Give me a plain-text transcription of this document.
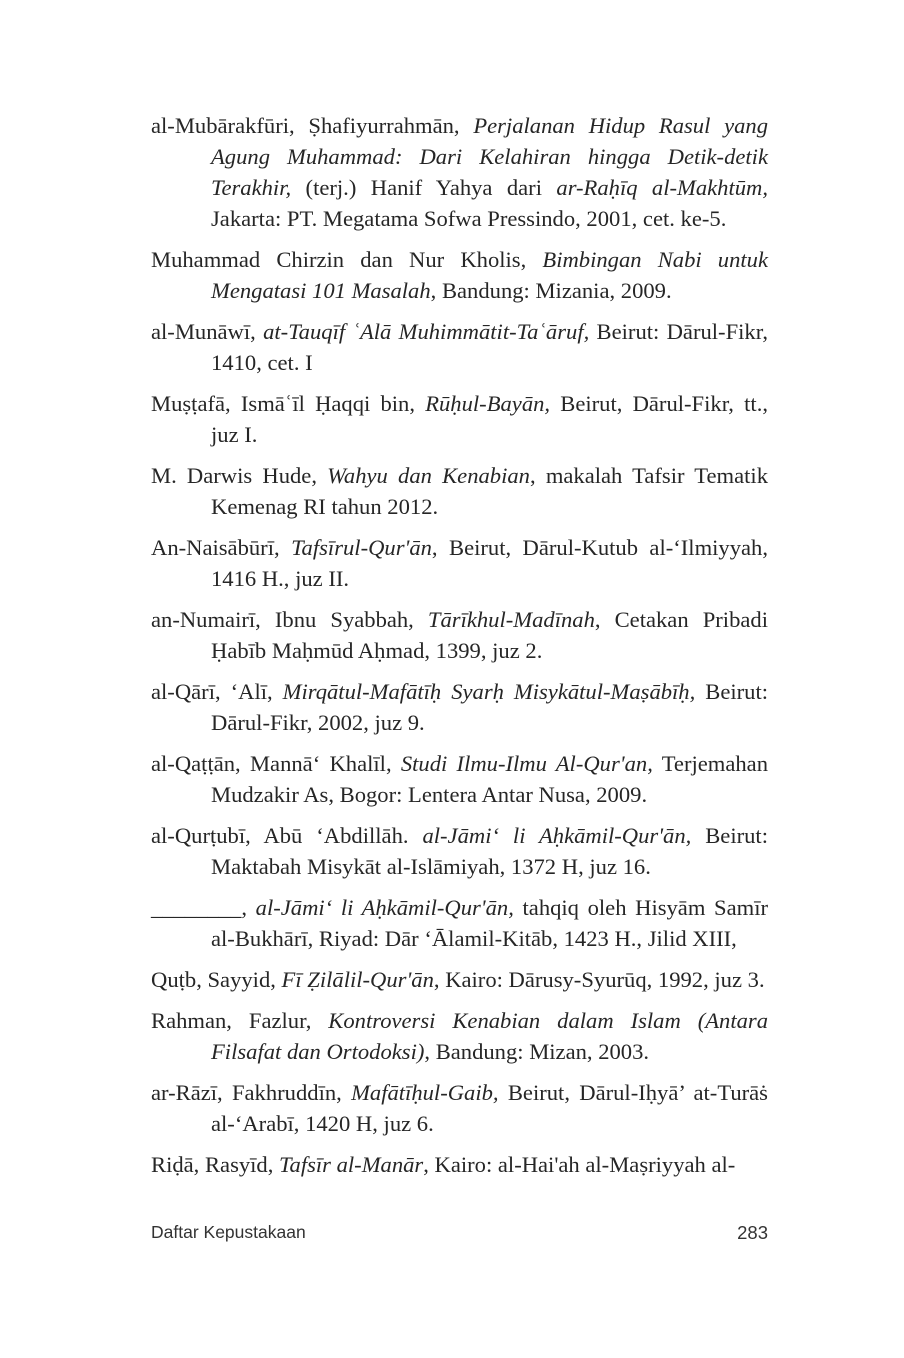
al-Mubārakfūri, Ṣhafiyurrahmān, Perjalanan Hidup Rasul yang Agung Muhammad: Dari Kelahiran hingga Detik-detik Terakhir, (terj.) Hanif Yahya dari ar-Raḥīq al-Makhtūm, Jakarta: PT. Megatama Sofwa Pressindo, 2001, cet. ke-5.

Muhammad Chirzin dan Nur Kholis, Bimbingan Nabi untuk Mengatasi 101 Masalah, Bandung: Mizania, 2009.

al-Munāwī, at-Tauqīf ʿAlā Muhimmātit-Taʿāruf, Beirut: Dārul-Fikr, 1410, cet. I

Muṣṭafā, Ismāʿīl Ḥaqqi bin, Rūḥul-Bayān, Beirut, Dārul-Fikr, tt., juz I.

M. Darwis Hude, Wahyu dan Kenabian, makalah Tafsir Tematik Kemenag RI tahun 2012.

An-Naisābūrī, Tafsīrul-Qur'ān, Beirut, Dārul-Kutub al-ʻIlmiyyah, 1416 H., juz II.

an-Numairī, Ibnu Syabbah, Tārīkhul-Madīnah, Cetakan Pribadi Ḥabīb Maḥmūd Aḥmad, 1399, juz 2.

al-Qārī, ‘Alī, Mirqātul-Mafātīḥ Syarḥ Misykātul-Maṣābīḥ, Beirut: Dārul-Fikr, 2002, juz 9.

al-Qaṭṭān, Mannā‘ Khalīl, Studi Ilmu-Ilmu Al-Qur'an, Terjemahan Mudzakir As, Bogor: Lentera Antar Nusa, 2009.

al-Qurṭubī, Abū ‘Abdillāh. al-Jāmi‘ li Aḥkāmil-Qur'ān, Beirut: Maktabah Misykāt al-Islāmiyah, 1372 H, juz 16.

________, al-Jāmi‘ li Aḥkāmil-Qur'ān, tahqiq oleh Hisyām Samīr al-Bukhārī, Riyad: Dār ‘Ālamil-Kitāb, 1423 H., Jilid XIII,

Quṭb, Sayyid, Fī Ẓilālil-Qur'ān, Kairo: Dārusy-Syurūq, 1992, juz 3.

Rahman, Fazlur, Kontroversi Kenabian dalam Islam (Antara Filsafat dan Ortodoksi), Bandung: Mizan, 2003.

ar-Rāzī, Fakhruddīn, Mafātīḥul-Gaib, Beirut, Dārul-Iḥyā’ at-Turāṡ al-‘Arabī, 1420 H, juz 6.

Riḍā, Rasyīd, Tafsīr al-Manār, Kairo: al-Hai'ah al-Maṣriyyah al-

Daftar Kepustakaan	283
